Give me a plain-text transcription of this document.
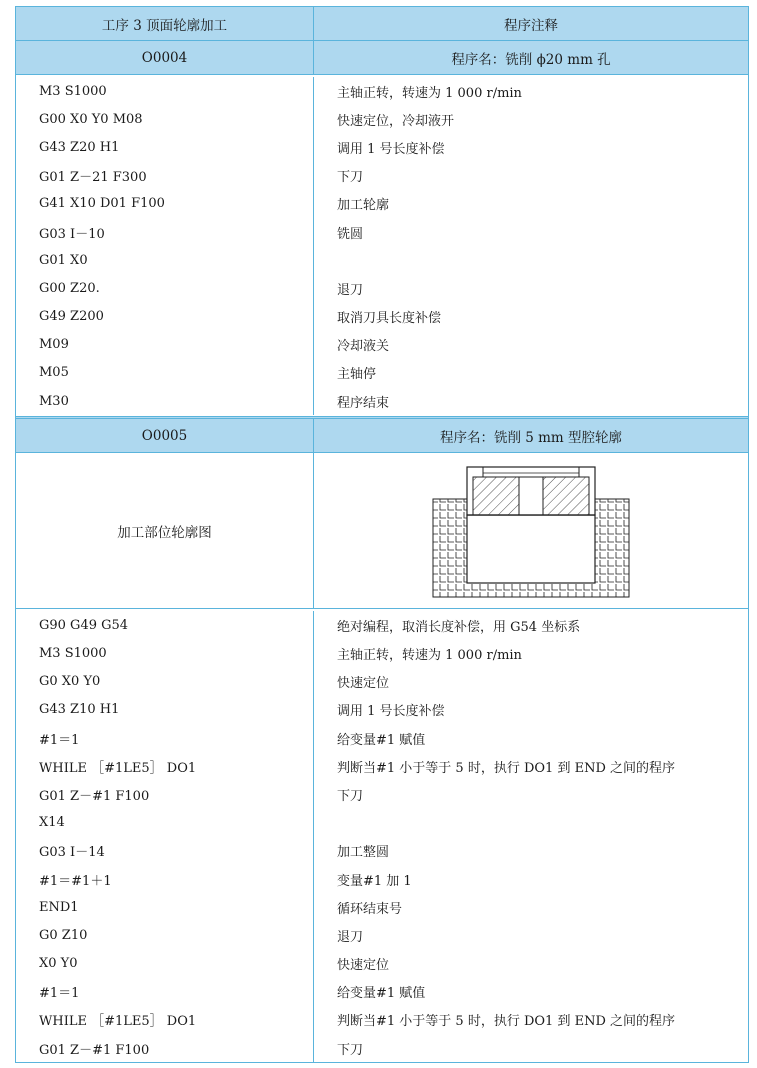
工序 3 顶面轮廓加工	程序注释
O0004	程序名：铣削 ϕ20 mm 孔
M3 S1000	主轴正转，转速为 1 000 r/min
G00 X0 Y0 M08	快速定位，冷却液开
G43 Z20 H1	调用 1 号长度补偿
G01 Z－21 F300	下刀
G41 X10 D01 F100	加工轮廓
G03 I－10	铣圆
G01 X0
G00 Z20.	退刀
G49 Z200	取消刀具长度补偿
M09	冷却液关
M05	主轴停
M30	程序结束
O0005	程序名：铣削 5 mm 型腔轮廓
加工部位轮廓图
G90 G49 G54	绝对编程，取消长度补偿，用 G54 坐标系
M3 S1000	主轴正转，转速为 1 000 r/min
G0 X0 Y0	快速定位
G43 Z10 H1	调用 1 号长度补偿
#1＝1	给变量#1 赋值
WHILE ［#1LE5］ DO1	判断当#1 小于等于 5 时，执行 DO1 到 END 之间的程序
G01 Z－#1 F100	下刀
X14
G03 I－14	加工整圆
#1＝#1＋1	变量#1 加 1
END1	循环结束号
G0 Z10	退刀
X0 Y0	快速定位
#1＝1	给变量#1 赋值
WHILE ［#1LE5］ DO1	判断当#1 小于等于 5 时，执行 DO1 到 END 之间的程序
G01 Z－#1 F100	下刀
